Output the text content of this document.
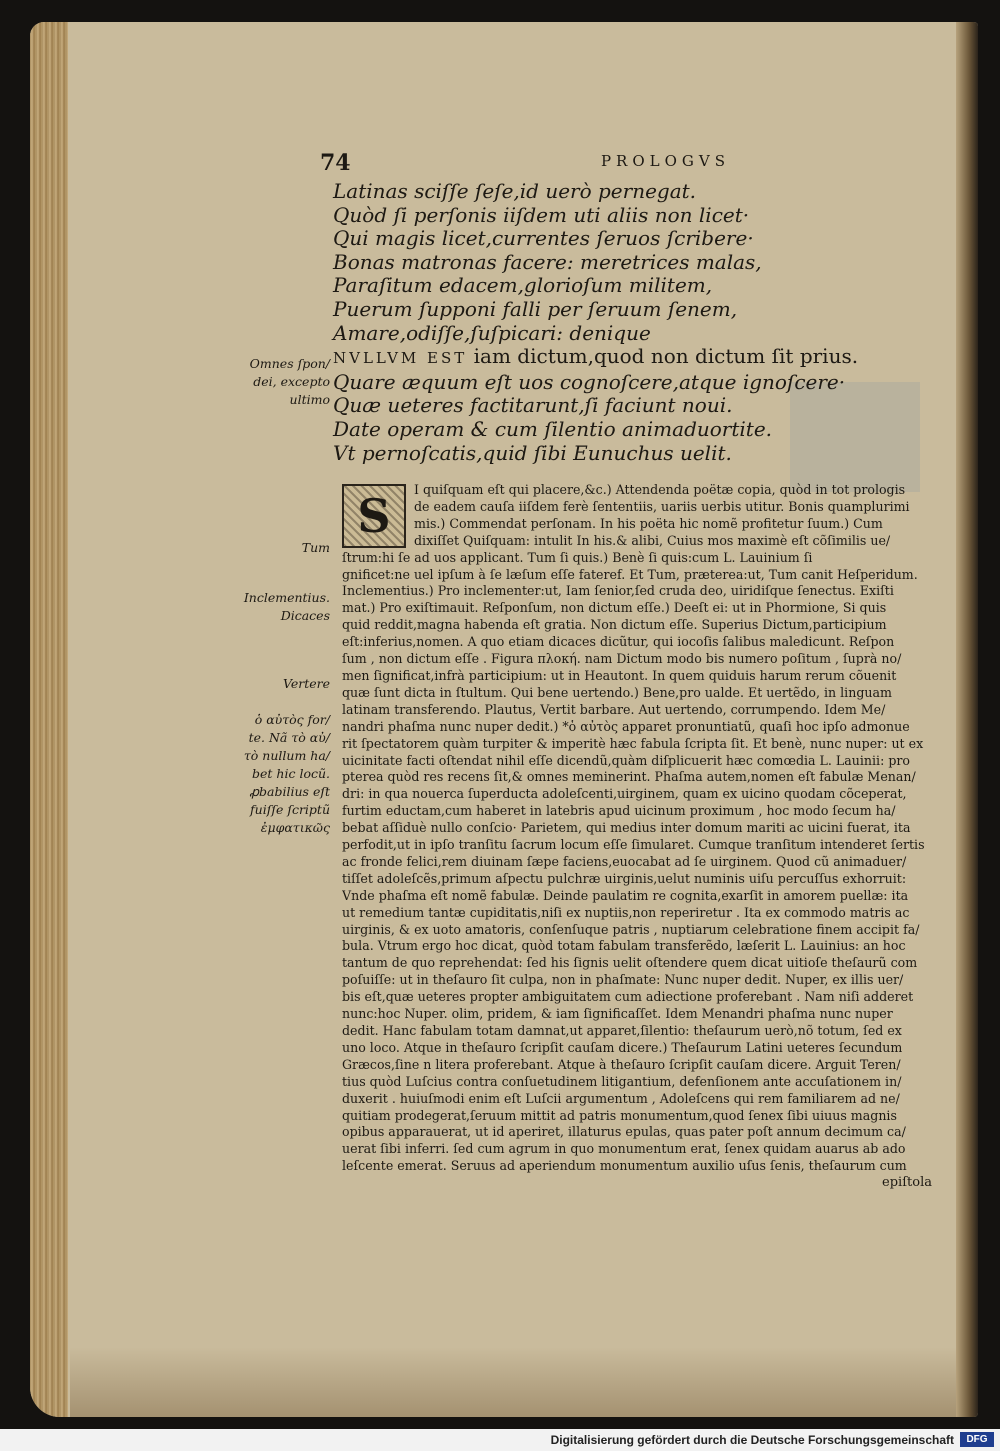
74	PROLOGVS
Latinas sciſſe ſeſe,id uerò pernegat.
Quòd ſi perſonis iiſdem uti aliis non licet·
Qui magis licet,currentes ſeruos ſcribere·
Bonas matronas facere: meretrices malas,
Paraſitum edacem,glorioſum militem,
Puerum ſupponi falli per ſeruum ſenem,
Amare,odiſſe,ſuſpicari: denique
NVLLVM EST iam dictum,quod non dictum ſit prius.
Quare æquum eſt uos cognoſcere,atque ignoſcere·
Quæ ueteres factitarunt,ſi faciunt noui.
Date operam & cum ſilentio animaduortite.
Vt pernoſcatis,quid ſibi Eunuchus uelit.
Omnes ſpon/
dei, excepto
ultimo
Tum
Inclementius.
Dicaces
Vertere
ὁ αὐτὸς for/
te. Nã τὸ αὐ/
τὸ nullum ha/
bet hic locũ.
ꝓbabilius eſt
fuiſſe ſcriptũ
ἐμφατικῶς
S	I quiſquam eſt qui placere,&c.) Attendenda poëtæ copia, quòd in tot prologis
de eadem cauſa iiſdem ferè ſententiis, uariis uerbis utitur. Bonis quamplurimi
mis.) Commendat perſonam. In his poëta hic nomẽ profitetur ſuum.) Cum
dixiſſet Quiſquam: intulit In his.& alibi, Cuius mos maximè eſt cõſimilis ue/
ſtrum:hi ſe ad uos applicant. Tum ſi quis.) Benè ſi quis:cum L. Lauinium ſi
gnificet:ne uel ipſum à ſe læſum eſſe fateref. Et Tum, præterea:ut, Tum canit Heſperidum.
Inclementius.) Pro inclementer:ut, Iam ſenior,ſed cruda deo, uiridiſque ſenectus. Exiſti
mat.) Pro exiſtimauit. Reſponſum, non dictum eſſe.) Deeſt ei: ut in Phormione, Si quis
quid reddit,magna habenda eſt gratia. Non dictum eſſe. Superius Dictum,participium
eſt:inferius,nomen. A quo etiam dicaces dicũtur, qui iocoſis ſalibus maledicunt. Reſpon
ſum , non dictum eſſe . Figura πλοκή. nam Dictum modo bis numero poſitum , ſuprà no/
men ſignificat,infrà participium: ut in Heautont. In quem quiduis harum rerum cõuenit
quæ ſunt dicta in ſtultum. Qui bene uertendo.) Bene,pro ualde. Et uertẽdo, in linguam
latinam transferendo. Plautus, Vertit barbare. Aut uertendo, corrumpendo. Idem Me/
nandri phaſma nunc nuper dedit.) *ὁ αὐτὸς apparet pronuntiatũ, quaſi hoc ipſo admonue
rit ſpectatorem quàm turpiter & imperitè hæc fabula ſcripta ſit. Et benè, nunc nuper: ut ex
uicinitate facti oſtendat nihil eſſe dicendũ,quàm diſplicuerit hæc comœdia L. Lauinii: pro
pterea quòd res recens ſit,& omnes meminerint. Phaſma autem,nomen eſt fabulæ Menan/
dri: in qua nouerca ſuperducta adoleſcenti,uirginem, quam ex uicino quodam cõceperat,
furtim eductam,cum haberet in latebris apud uicinum proximum , hoc modo ſecum ha/
bebat aſſiduè nullo conſcio· Parietem, qui medius inter domum mariti ac uicini fuerat, ita
perfodit,ut in ipſo tranſitu ſacrum locum eſſe ſimularet. Cumque tranſitum intenderet ſertis
ac fronde felici,rem diuinam ſæpe faciens,euocabat ad ſe uirginem. Quod cũ animaduer/
tiſſet adoleſcẽs,primum aſpectu pulchræ uirginis,uelut numinis uiſu percuſſus exhorruit:
Vnde phaſma eſt nomẽ fabulæ. Deinde paulatim re cognita,exarſit in amorem puellæ: ita
ut remedium tantæ cupiditatis,niſi ex nuptiis,non reperiretur . Ita ex commodo matris ac
uirginis, & ex uoto amatoris, conſenſuque patris , nuptiarum celebratione finem accipit fa/
bula. Vtrum ergo hoc dicat, quòd totam fabulam transferẽdo, læſerit L. Lauinius: an hoc
tantum de quo reprehendat: ſed his ſignis uelit oſtendere quem dicat uitioſe theſaurũ com
poſuiſſe: ut in theſauro ſit culpa, non in phaſmate: Nunc nuper dedit. Nuper, ex illis uer/
bis eſt,quæ ueteres propter ambiguitatem cum adiectione proferebant . Nam niſi adderet
nunc:hoc Nuper. olim, pridem, & iam ſignificaſſet. Idem Menandri phaſma nunc nuper
dedit. Hanc fabulam totam damnat,ut apparet,ſilentio: theſaurum uerò,nõ totum, ſed ex
uno loco. Atque in theſauro ſcripſit cauſam dicere.) Theſaurum Latini ueteres ſecundum
Græcos,ſine n litera proferebant. Atque à theſauro ſcripſit cauſam dicere. Arguit Teren/
tius quòd Luſcius contra conſuetudinem litigantium, defenſionem ante accuſationem in/
duxerit . huiuſmodi enim eſt Luſcii argumentum , Adoleſcens qui rem familiarem ad ne/
quitiam prodegerat,ſeruum mittit ad patris monumentum,quod ſenex ſibi uiuus magnis
opibus apparauerat, ut id aperiret, illaturus epulas, quas pater poſt annum decimum ca/
uerat ſibi inferri. ſed cum agrum in quo monumentum erat, ſenex quidam auarus ab ado
leſcente emerat. Seruus ad aperiendum monumentum auxilio uſus ſenis, theſaurum cum
epiſtola
Digitalisierung gefördert durch die Deutsche Forschungsgemeinschaft	DFG
